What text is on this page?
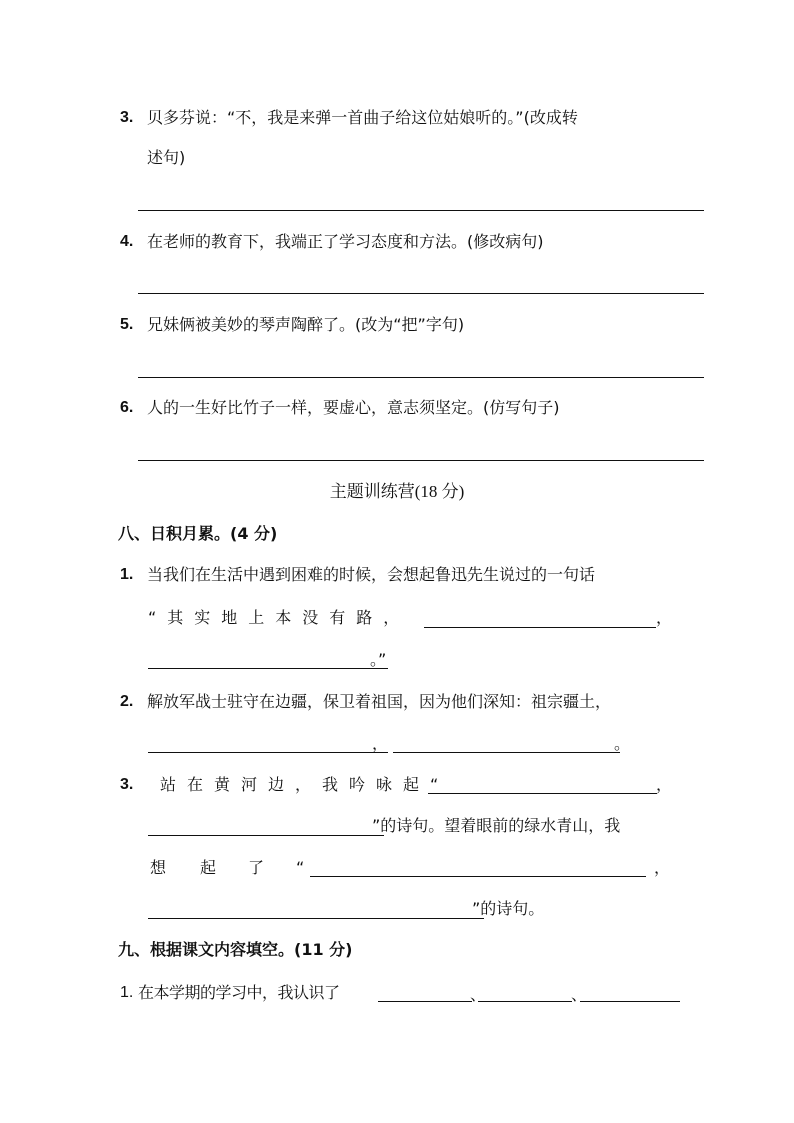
3. 贝多芬说：“不，我是来弹一首曲子给这位姑娘听的。”(改成转
述句)
4. 在老师的教育下，我端正了学习态度和方法。(修改病句)
5. 兄妹俩被美妙的琴声陶醉了。(改为“把”字句)
6. 人的一生好比竹子一样，要虚心，意志须坚定。(仿写句子)
主题训练营(18 分)
八、日积月累。(4 分)
1. 当我们在生活中遇到困难的时候，会想起鲁迅先生说过的一句话
“其实地上本没有路，	，
。”
2. 解放军战士驻守在边疆，保卫着祖国，因为他们深知：祖宗疆土，
，	。
3. 站在黄河边，我吟咏起“	，
”的诗句。望着眼前的绿水青山，我
想 起 了 “	，
”的诗句。
九、根据课文内容填空。(11 分)
1. 在本学期的学习中，我认识了	、	、
